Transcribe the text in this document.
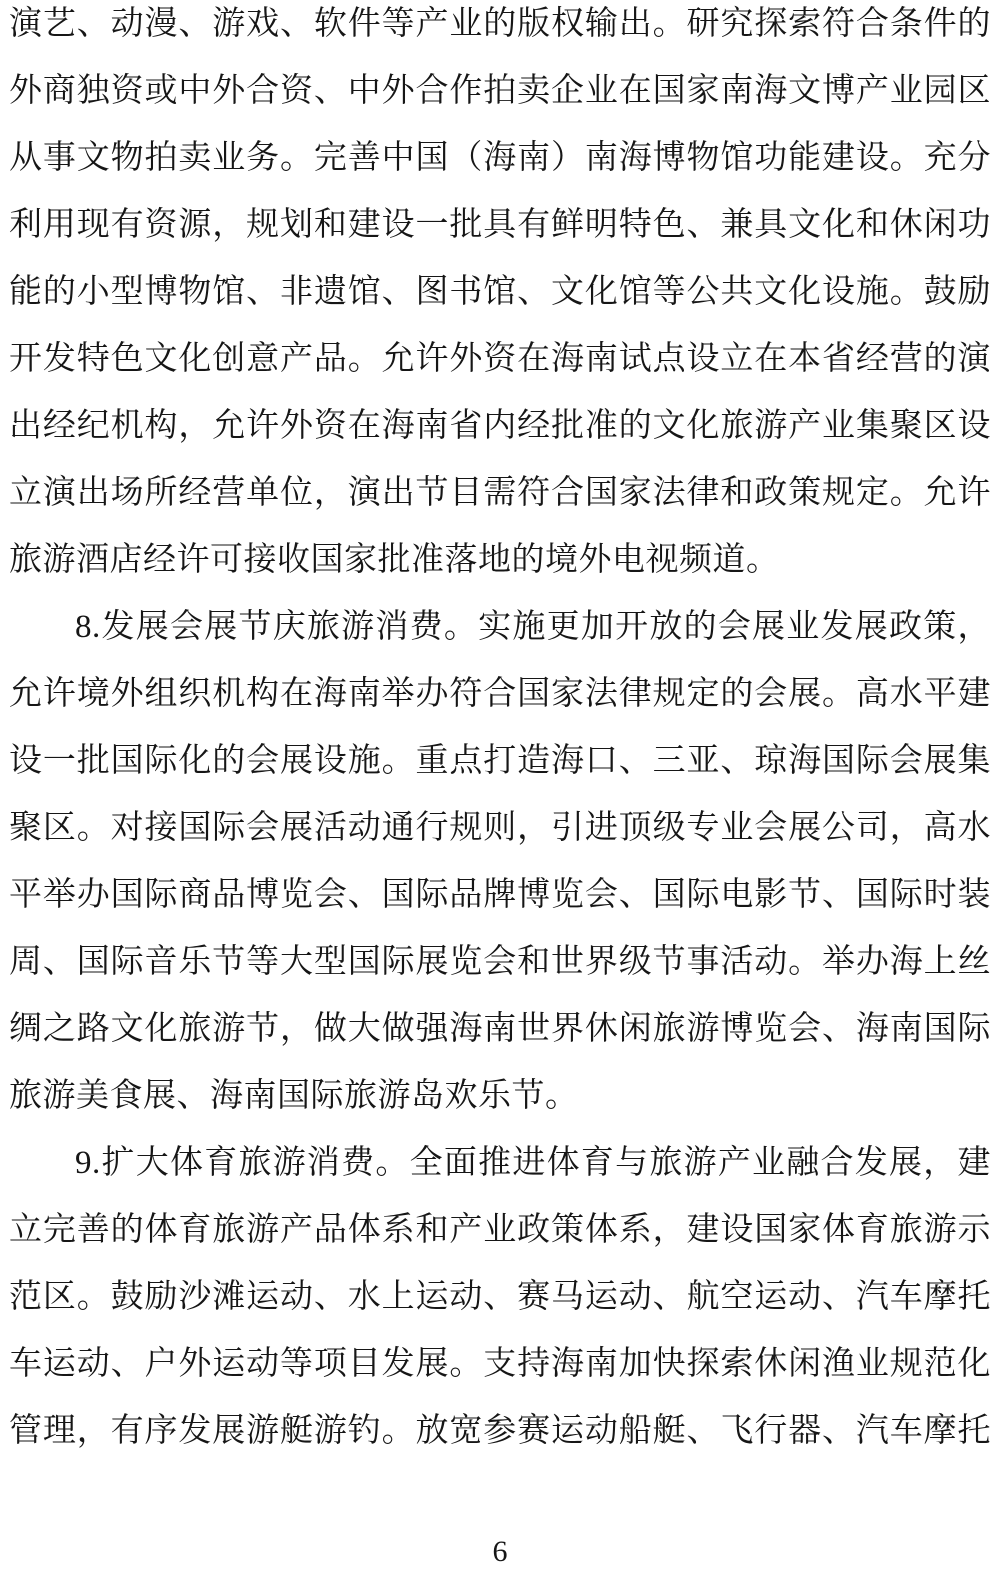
演艺、动漫、游戏、软件等产业的版权输出。研究探索符合条件的
外商独资或中外合资、中外合作拍卖企业在国家南海文博产业园区
从事文物拍卖业务。完善中国（海南）南海博物馆功能建设。充分
利用现有资源，规划和建设一批具有鲜明特色、兼具文化和休闲功
能的小型博物馆、非遗馆、图书馆、文化馆等公共文化设施。鼓励
开发特色文化创意产品。允许外资在海南试点设立在本省经营的演
出经纪机构，允许外资在海南省内经批准的文化旅游产业集聚区设
立演出场所经营单位，演出节目需符合国家法律和政策规定。允许
旅游酒店经许可接收国家批准落地的境外电视频道。
8.发展会展节庆旅游消费。实施更加开放的会展业发展政策，
允许境外组织机构在海南举办符合国家法律规定的会展。高水平建
设一批国际化的会展设施。重点打造海口、三亚、琼海国际会展集
聚区。对接国际会展活动通行规则，引进顶级专业会展公司，高水
平举办国际商品博览会、国际品牌博览会、国际电影节、国际时装
周、国际音乐节等大型国际展览会和世界级节事活动。举办海上丝
绸之路文化旅游节，做大做强海南世界休闲旅游博览会、海南国际
旅游美食展、海南国际旅游岛欢乐节。
9.扩大体育旅游消费。全面推进体育与旅游产业融合发展，建
立完善的体育旅游产品体系和产业政策体系，建设国家体育旅游示
范区。鼓励沙滩运动、水上运动、赛马运动、航空运动、汽车摩托
车运动、户外运动等项目发展。支持海南加快探索休闲渔业规范化
管理，有序发展游艇游钓。放宽参赛运动船艇、飞行器、汽车摩托
6
